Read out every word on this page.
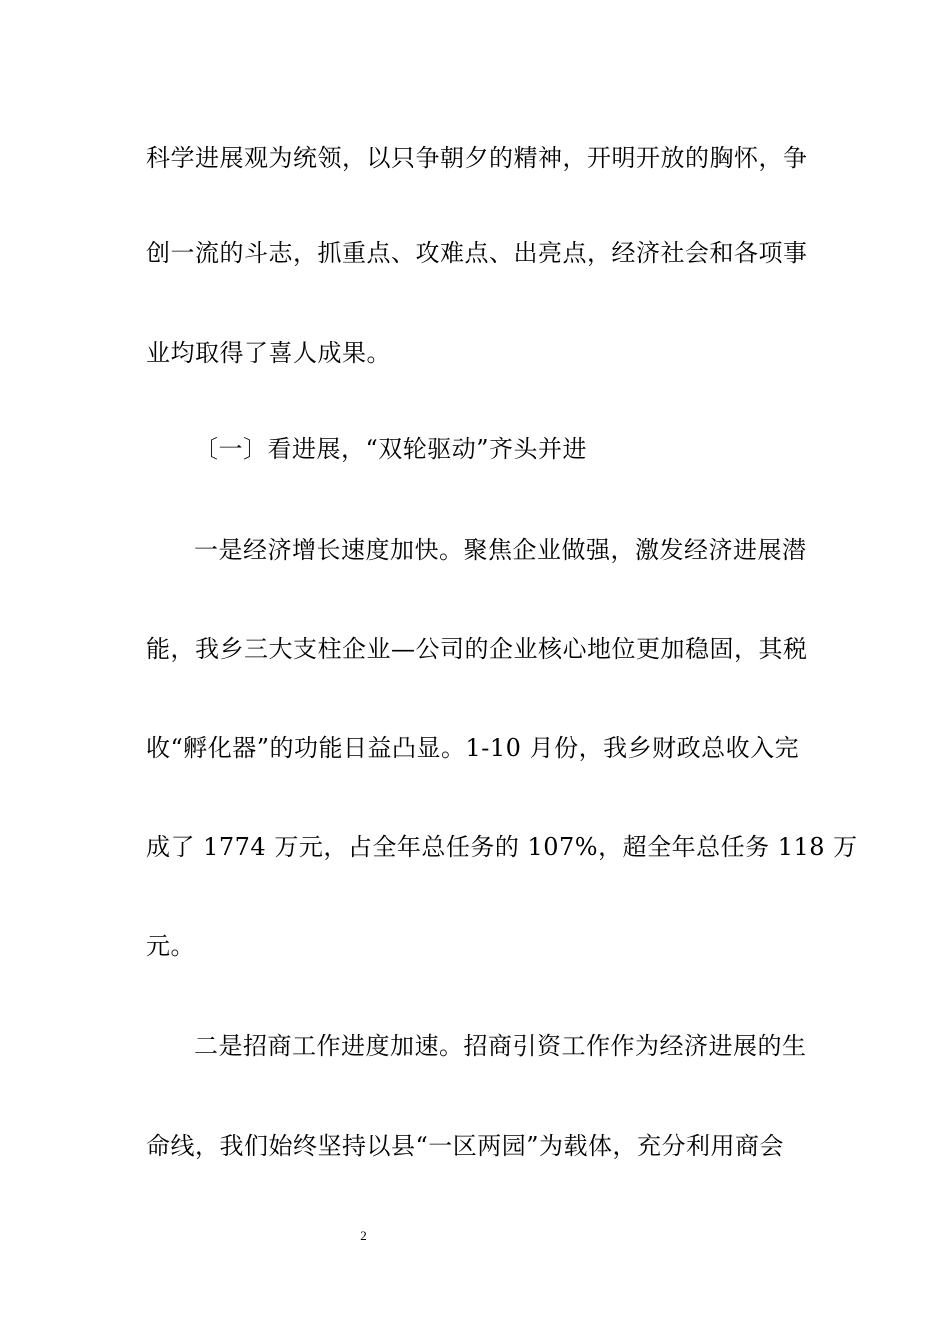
科学进展观为统领，以只争朝夕的精神，开明开放的胸怀，争
创一流的斗志，抓重点、攻难点、出亮点，经济社会和各项事
业均取得了喜人成果。
〔一〕看进展，“双轮驱动”齐头并进
一是经济增长速度加快。聚焦企业做强，激发经济进展潜
能，我乡三大支柱企业—公司的企业核心地位更加稳固，其税
收“孵化器”的功能日益凸显。1-10 月份，我乡财政总收入完
成了 1774 万元，占全年总任务的 107%，超全年总任务 118 万
元。
二是招商工作进度加速。招商引资工作作为经济进展的生
命线，我们始终坚持以县“一区两园”为载体，充分利用商会
2
